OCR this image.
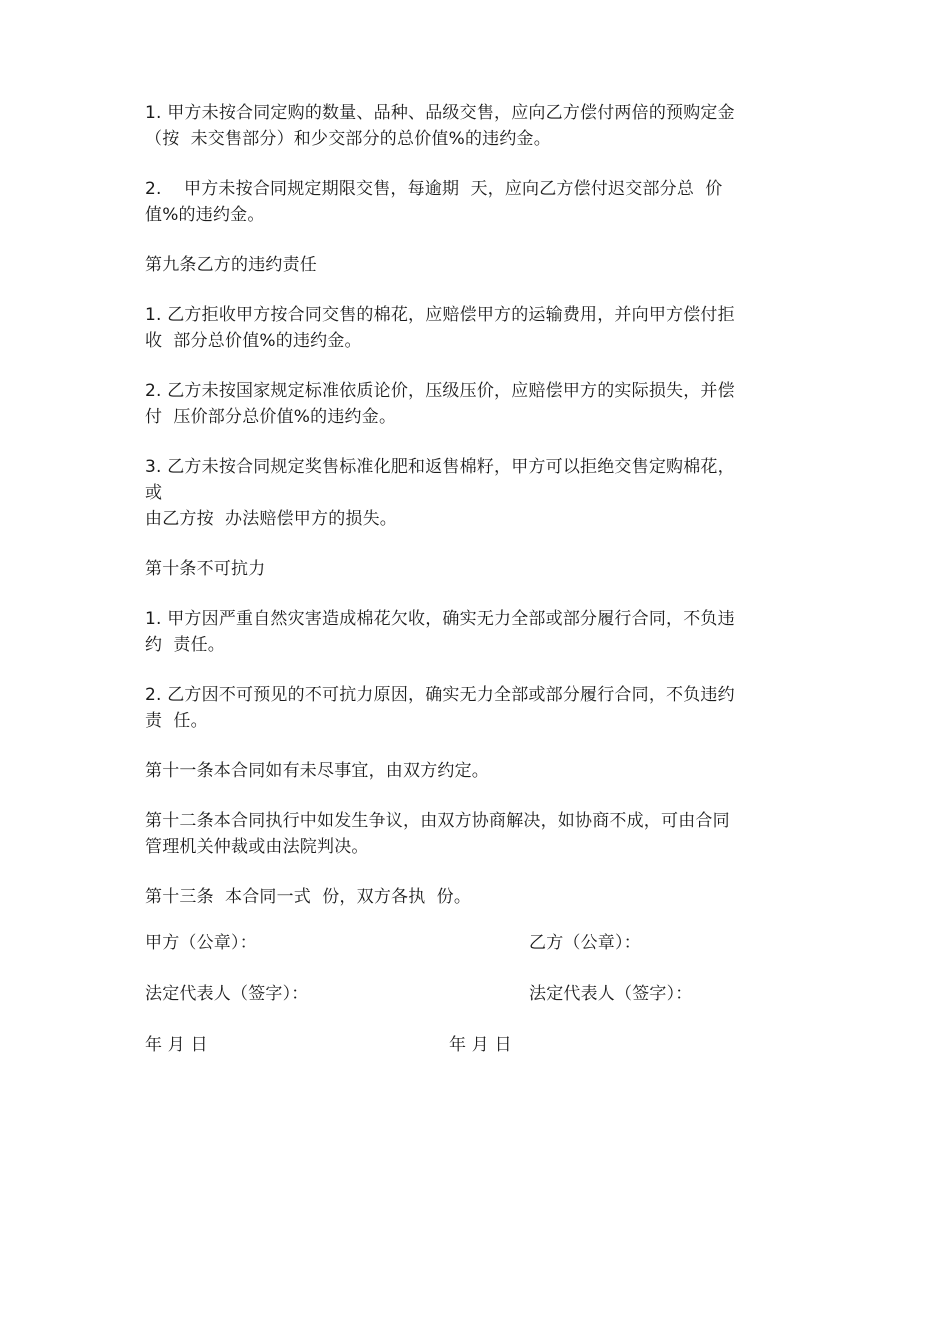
1. 甲方未按合同定购的数量、品种、品级交售，应向乙方偿付两倍的预购定金
（按  未交售部分）和少交部分的总价值%的违约金。

2.    甲方未按合同规定期限交售，每逾期  天，应向乙方偿付迟交部分总  价
值%的违约金。

第九条乙方的违约责任

1. 乙方拒收甲方按合同交售的棉花，应赔偿甲方的运输费用，并向甲方偿付拒
收  部分总价值%的违约金。

2. 乙方未按国家规定标准依质论价，压级压价，应赔偿甲方的实际损失，并偿
付  压价部分总价值%的违约金。

3. 乙方未按合同规定奖售标准化肥和返售棉籽，甲方可以拒绝交售定购棉花，
或
由乙方按  办法赔偿甲方的损失。

第十条不可抗力

1. 甲方因严重自然灾害造成棉花欠收，确实无力全部或部分履行合同，不负违
约  责任。

2. 乙方因不可预见的不可抗力原因，确实无力全部或部分履行合同，不负违约
责  任。

第十一条本合同如有未尽事宜，由双方约定。

第十二条本合同执行中如发生争议，由双方协商解决，如协商不成，可由合同
管理机关仲裁或由法院判决。

第十三条  本合同一式  份，双方各执  份。

甲方（公章）：	乙方（公章）：
法定代表人（签字）：	法定代表人（签字）：
年 月 日	年 月 日
